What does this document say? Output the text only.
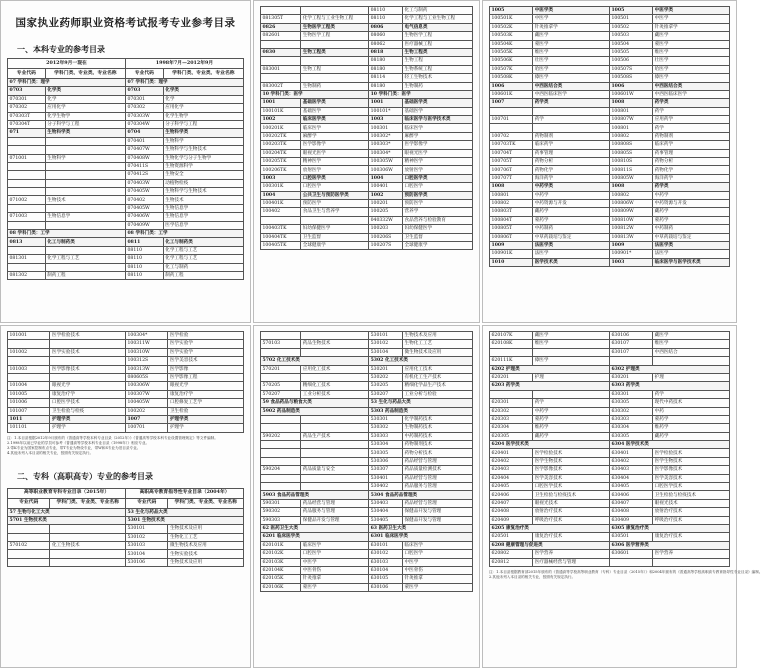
国家执业药师职业资格考试报考专业参考目录
一、本科专业的参考目录
2012年9月一现在		1998年7月—2012年9月	
专业代码	学科门类、专业类、专业名称	专业代码	学科门类、专业类、专业名称
07 学科门类：理学		07 学科门类：理学	
0703	化学类	0703	化学类
070301	化学	070301	化学
070302	应用化学	070302	应用化学
070303T	化学生物学	070303W	化学生物学
070304T	分子科学与工程	070304W	分子科学与工程
071	生物科学类	0704	生物科学类
		070401	生物科学
		070407W	生物科学与生物技术
071001	生物科学	070408W	生物化学与分子生物学
		070411S	生物资源科学
		070412S	生物安全
		070403W	动植物检疫
		070405W	生物科学与生物技术
071002	生物技术	070402	生物技术
		070405W	生物信息学
071003	生物信息学	070406W	生物信息学
		070409W	医学信息学
08 学科门类：工学		08 学科门类：工学	
0813	化工与制药类	0811	化工与制药类
		08110	化学工程与工艺
081301	化学工程与工艺	08110	化学工程与工艺
		08110	化工与制药
081302	制药工程	08110	制药工程
		08110	化工与制药
081305T	化学工程与工业生物工程	08110	化学工程与工业生物工程
0826	生物医学工程类	0806	电气信息类
082601	生物医学工程	08060	生物医学工程
		08062	医疗器械工程
0830	生物工程类	0818	生物工程类
		08180	生物工程
083001	生物工程	08180	生物系统工程
		08114	轻工生物技术
083002T	生物制药	08180	生物制药
10 学科门类：医学		10 学科门类：医学	
1001	基础医学类	1001	基础医学类
100101K	基础医学	100101*	基础医学
1002	临床医学类	1003	临床医学与医学技术类
100201K	临床医学	100301	临床医学
100202TK	麻醉学	100302*	麻醉学
100203TK	医学影像学	100303*	医学影像学
100204TK	眼视光医学	100304*	眼视光医学
100205TK	精神医学	100305W	精神医学
100206TK	放射医学	100306W	放射医学
1003	口腔医学类	1004	口腔医学类
100301K	口腔医学	100401	口腔医学
1004	公共卫生与预防医学类	1002	预防医学类
100401K	预防医学	100201	预防医学
100402	食品卫生与营养学	100205	营养学
		040332W	食品营养与检验教育
100403TK	妇幼保健医学	100203	妇幼保健医学
100404TK	卫生监督	100206S	卫生监督
100405TK	全球健康学	100207S	全球健康学
1005	中医学类	1005	中医学类
100501K	中医学	100501	中医学
100502K	针灸推拿学	100502	针灸推拿学
100503K	藏医学	100503	藏医学
100504K	蒙医学	100504	蒙医学
100505K	维医学	100505	维医学
100506K	壮医学	100506	壮医学
100507K	哈医学	100507S	哈医学
100508K	傣医学	100508S	傣医学
1006	中西医结合类	1006	中西医结合类
100601K	中西医临床医学	100601W	中西医临床医学
1007	药学类	1008	药学类
		100801	药学
100701	药学	100807W	应用药学
		100801	药学
100702	药物制剂	100802	药物制剂
100703TK	临床药学	100808S	临床药学
100704T	药事管理	100805S	药事管理
100705T	药物分析	100810S	药物分析
100706T	药物化学	100811S	药物化学
100707T	海洋药学	100805W	海洋药学
1008	中药学类	1008	药学类
100801	中药学	100802	中药学
100802	中药资源与开发	100806W	中药资源与开发
100803T	藏药学	100809W	藏药学
100804T	蒙药学	100810W	蒙药学
100805T	中药制药	100812W	中药制药
100806T	中草药栽培与鉴定	100813W	中草药栽培与鉴定
1009	法医学类	1009	法医学类
100901K	法医学	100901*	法医学
1010	医学技术类	1003	临床医学与医学技术类
101001	医学检验技术	100304*	医学检验
		100311W	医学实验学
101002	医学实验技术	100310W	医学实验学
		100312S	医学美容技术
101003	医学影像技术	100313W	医学影像
		080605S	医学影像工程
101004	眼视光学	100306W	眼视光学
101005	康复治疗学	100307W	康复治疗学
101006	口腔医学技术	100405W	口腔修复工艺学
101007	卫生检验与检疫	100202	卫生检验
1011	护理学类	1007	护理学类
101101	护理学	100701	护理学
注：1.本目录根据2012年9月颁布的《普通高等学校本科专业目录（2012年）》《普通高等学校本科专业设置管理规定》等文件编制。
2.1998年以前已毕业的学员可参考《普通高等学校本科专业目录（1998年）》相应专业。
3.带K专业为国家控制布点专业，带T专业为特设专业，带W和S专业为旧目录专业。
4.其他未列入本目录的相关专业，按照有关规定执行。
二、专科（高职高专）专业的参考目录
高等职业教育专科专业目录（2015年）		高职高专教育指导性专业目录（2004年）	
专业代码	学科门类、专业类、专业名称	专业代码	学科门类、专业类、专业名称
57 生物与化工大类		53 生化与药品大类	
5701 生物技术类		5301 生物技术类	
		530101	生物技术及应用
		530102	生物化工工艺
570102	化工生物技术	530103	微生物技术及应用
		530104	生物实验技术
		530106	生物技术及应用
		530101	生物技术及应用
570103	药品生物技术	530102	生物化工工艺
		530104	微生物技术及应用
5702 化工技术类		5302 化工技术类	
570201	应用化工技术	530201	应用化工技术
		530202	有机化工生产技术
570205	精细化工技术	530205	精细化学品生产技术
570207	工业分析技术	530207	工业分析与检验
59 食品药品与粮食大类		53 生化与药品大类	
5902 药品制造类		5303 药品制造类	
		530301	化学制药技术
		530302	生物制药技术
590202	药品生产技术	530303	中药制药技术
		530304	药物制剂技术
		530305	药物分析技术
		530306	药品经营与管理
590204	药品质量与安全	530307	药品质量检测技术
		530401	药品经营与管理
		530402	药品服务与管理
5903 食品药品管理类		5304 食品药品管理类	
590301	药品经营与管理	530403	药品经营与管理
590302	药品服务与管理	530404	保健品开发与管理
590303	保健品开发与管理	530405	保健品开发与管理
62 医药卫生大类		63 医药卫生大类	
6201 临床医学类		6301 临床医学类	
620101K	临床医学	630101	临床医学
620102K	口腔医学	630102	口腔医学
620103K	中医学	630103	中医学
620104K	中医骨伤	630104	中医骨伤
620105K	针灸推拿	630105	针灸推拿
620106K	蒙医学	630106	蒙医学
620107K	藏医学	630106	藏医学
620108K	维医学	630107	维医学
		630107	中西医结合
620111K	傣医学		
6202 护理类		6302 护理类	
620201	护理	630201	护理
6203 药学类		6303 药学类	
		630301	药学
620301	药学	630305	现代中药技术
620302	中药学	630302	中药
620303	蒙药学	630303	蒙药学
620304	维药学	630304	维药学
620305	藏药学	630305	藏药学
6204 医学技术类		6304 医学技术类	
620401	医学检验技术	630401	医学检验技术
620402	医学生物技术	630402	医学生物技术
620403	医学影像技术	630403	医学影像技术
620404	医学美容技术	630404	医学美容技术
620405	口腔医学技术	630405	口腔医学技术
620406	卫生检验与检疫技术	630406	卫生检验与检疫技术
620407	眼视光技术	630407	眼视光技术
620408	放射治疗技术	630408	放射治疗技术
620409	呼吸治疗技术	630409	呼吸治疗技术
6205 康复治疗类		6305 康复治疗类	
620501	康复治疗技术	630501	康复治疗技术
6208 健康管理与促进类		6306 医学营养类	
620802	医学营养	630601	医学营养
620812	医疗器械经营与管理		
注：1.本目录根据教育部2015年颁布的《普通高等学校高等职业教育（专科）专业目录（2015年）》和2004年颁布的《普通高等学校高职高专教育指导性专业目录》编制。
2.其他未列入本目录的相关专业，按照有关规定执行。
